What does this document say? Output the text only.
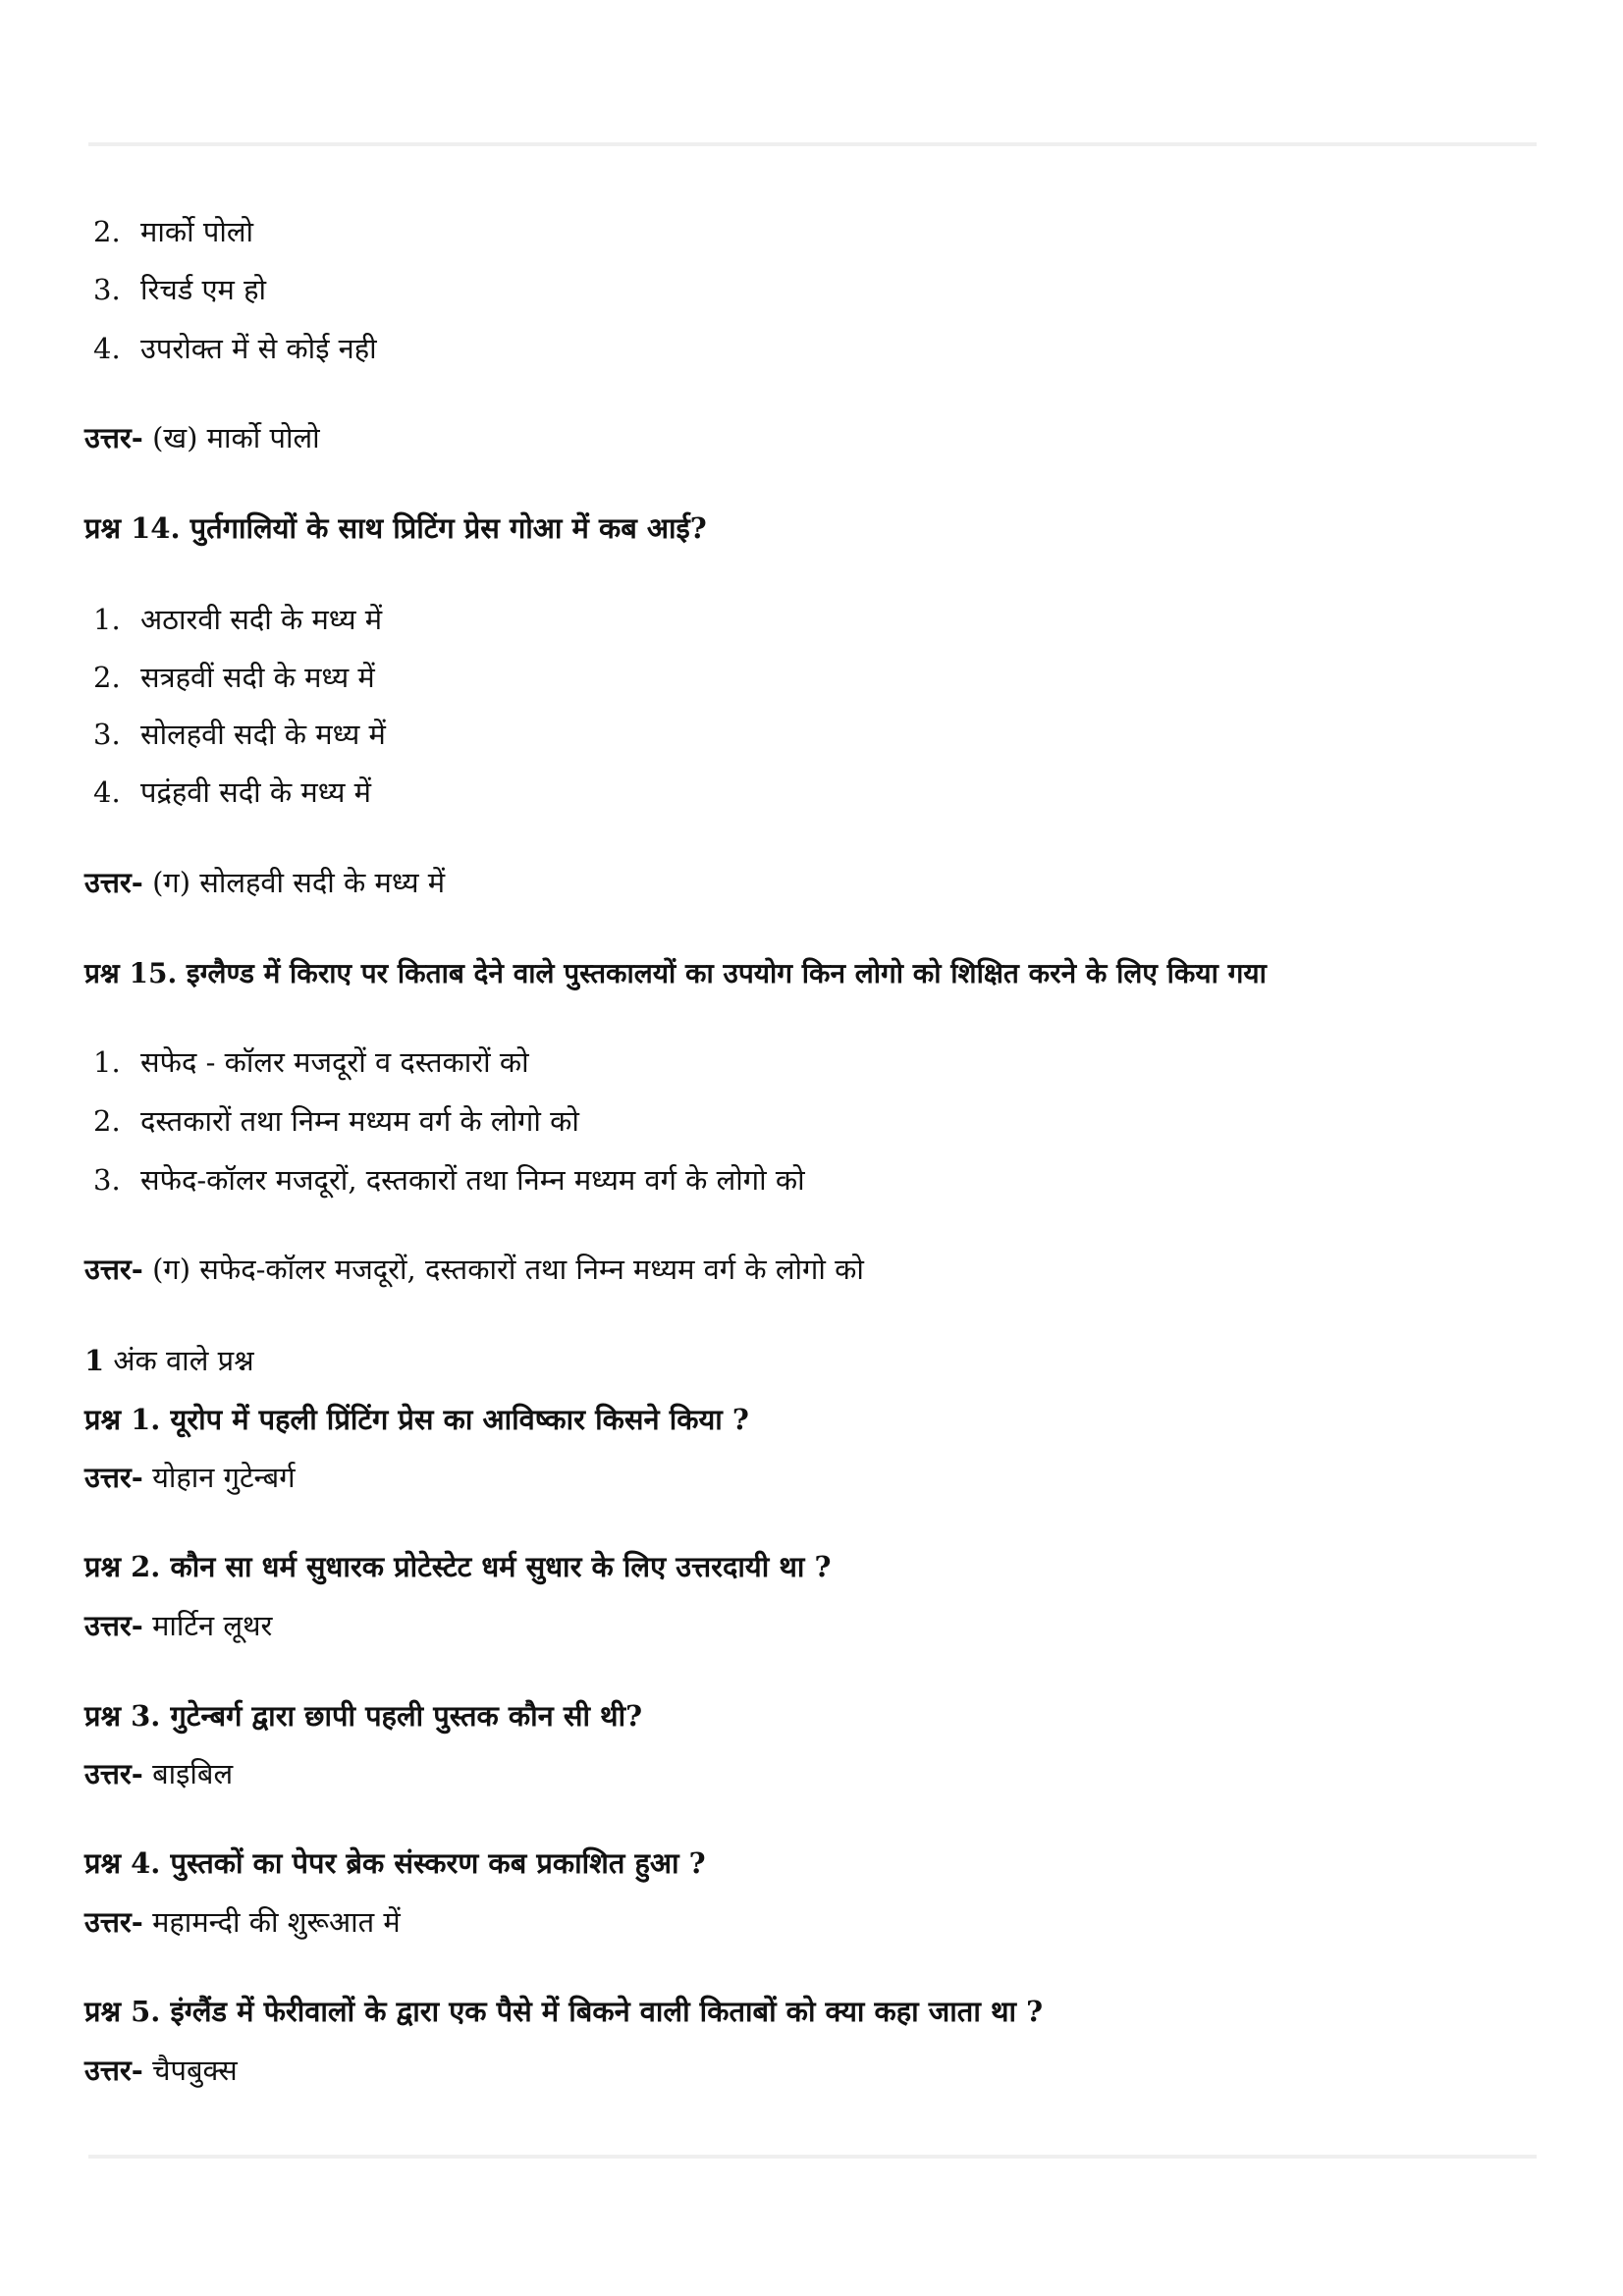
2. मार्को पोलो
3. रिचर्ड एम हो
4. उपरोक्त में से कोई नही
उत्तर- (ख) मार्को पोलो
प्रश्न 14. पुर्तगालियों के साथ प्रिटिंग प्रेस गोआ में कब आई?
1. अठारवी सदी के मध्य में
2. सत्रहवीं सदी के मध्य में
3. सोलहवी सदी के मध्य में
4. पद्रंहवी सदी के मध्य में
उत्तर- (ग) सोलहवी सदी के मध्य में
प्रश्न 15. इग्लैण्ड में किराए पर किताब देने वाले पुस्तकालयों का उपयोग किन लोगो को शिक्षित करने के लिए किया गया
1. सफेद - कॉलर मजदूरों व दस्तकारों को
2. दस्तकारों तथा निम्न मध्यम वर्ग के लोगो को
3. सफेद-कॉलर मजदूरों, दस्तकारों तथा निम्न मध्यम वर्ग के लोगो को
उत्तर- (ग) सफेद-कॉलर मजदूरों, दस्तकारों तथा निम्न मध्यम वर्ग के लोगो को
1 अंक वाले प्रश्न
प्रश्न 1. यूरोप में पहली प्रिंटिंग प्रेस का आविष्कार किसने किया ?
उत्तर- योहान गुटेन्बर्ग
प्रश्न 2. कौन सा धर्म सुधारक प्रोटेस्टेट धर्म सुधार के लिए उत्तरदायी था ?
उत्तर- मार्टिन लूथर
प्रश्न 3. गुटेन्बर्ग द्वारा छापी पहली पुस्तक कौन सी थी?
उत्तर- बाइबिल
प्रश्न 4. पुस्तकों का पेपर ब्रेक संस्करण कब प्रकाशित हुआ ?
उत्तर- महामन्दी की शुरूआत में
प्रश्न 5. इंग्लैंड में फेरीवालों के द्वारा एक पैसे में बिकने वाली किताबों को क्या कहा जाता था ?
उत्तर- चैपबुक्स
